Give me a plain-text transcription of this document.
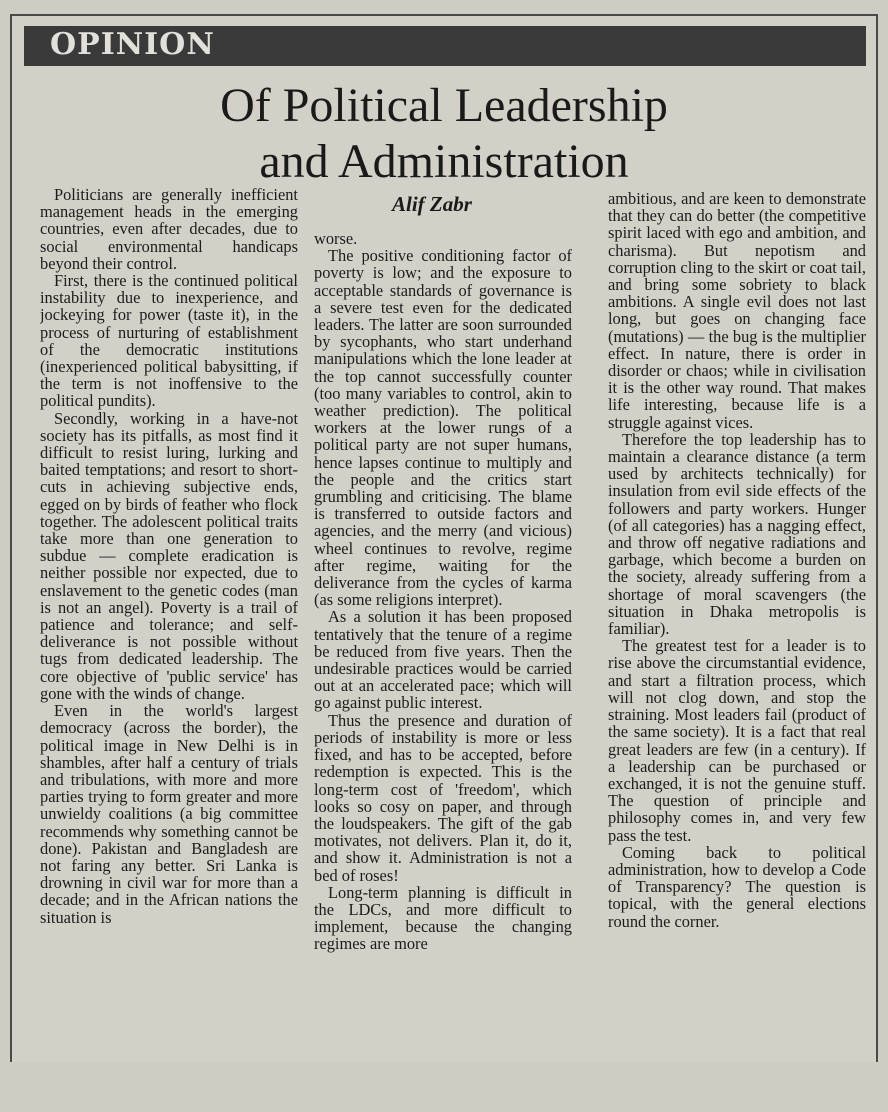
OPINION
Of Political Leadership
and Administration
Alif Zabr

Politicians are generally inefficient management heads in the emerging countries, even after decades, due to social environmental handicaps beyond their control.

First, there is the continued political instability due to inexperience, and jockeying for power (taste it), in the process of nurturing of establishment of the democratic institutions (inexperienced political babysitting, if the term is not inoffensive to the political pundits).

Secondly, working in a have-not society has its pitfalls, as most find it difficult to resist luring, lurking and baited temptations; and resort to short-cuts in achieving subjective ends, egged on by birds of feather who flock together. The adolescent political traits take more than one generation to subdue — complete eradication is neither possible nor expected, due to enslavement to the genetic codes (man is not an angel). Poverty is a trail of patience and tolerance; and self-deliverance is not possible without tugs from dedicated leadership. The core objective of 'public service' has gone with the winds of change.

Even in the world's largest democracy (across the border), the political image in New Delhi is in shambles, after half a century of trials and tribulations, with more and more parties trying to form greater and more unwieldy coalitions (a big committee recommends why something cannot be done). Pakistan and Bangladesh are not faring any better. Sri Lanka is drowning in civil war for more than a decade; and in the African nations the situation is

worse.

The positive conditioning factor of poverty is low; and the exposure to acceptable standards of governance is a severe test even for the dedicated leaders. The latter are soon surrounded by sycophants, who start underhand manipulations which the lone leader at the top cannot successfully counter (too many variables to control, akin to weather prediction). The political workers at the lower rungs of a political party are not super humans, hence lapses continue to multiply and the people and the critics start grumbling and criticising. The blame is transferred to outside factors and agencies, and the merry (and vicious) wheel continues to revolve, regime after regime, waiting for the deliverance from the cycles of karma (as some religions interpret).

As a solution it has been proposed tentatively that the tenure of a regime be reduced from five years. Then the undesirable practices would be carried out at an accelerated pace; which will go against public interest.

Thus the presence and duration of periods of instability is more or less fixed, and has to be accepted, before redemption is expected. This is the long-term cost of 'freedom', which looks so cosy on paper, and through the loudspeakers. The gift of the gab motivates, not delivers. Plan it, do it, and show it. Administration is not a bed of roses!

Long-term planning is difficult in the LDCs, and more difficult to implement, because the changing regimes are more

ambitious, and are keen to demonstrate that they can do better (the competitive spirit laced with ego and ambition, and charisma). But nepotism and corruption cling to the skirt or coat tail, and bring some sobriety to black ambitions. A single evil does not last long, but goes on changing face (mutations) — the bug is the multiplier effect. In nature, there is order in disorder or chaos; while in civilisation it is the other way round. That makes life interesting, because life is a struggle against vices.

Therefore the top leadership has to maintain a clearance distance (a term used by architects technically) for insulation from evil side effects of the followers and party workers. Hunger (of all categories) has a nagging effect, and throw off negative radiations and garbage, which become a burden on the society, already suffering from a shortage of moral scavengers (the situation in Dhaka metropolis is familiar).

The greatest test for a leader is to rise above the circumstantial evidence, and start a filtration process, which will not clog down, and stop the straining. Most leaders fail (product of the same society). It is a fact that real great leaders are few (in a century). If a leadership can be purchased or exchanged, it is not the genuine stuff. The question of principle and philosophy comes in, and very few pass the test.

Coming back to political administration, how to develop a Code of Transparency? The question is topical, with the general elections round the corner.
